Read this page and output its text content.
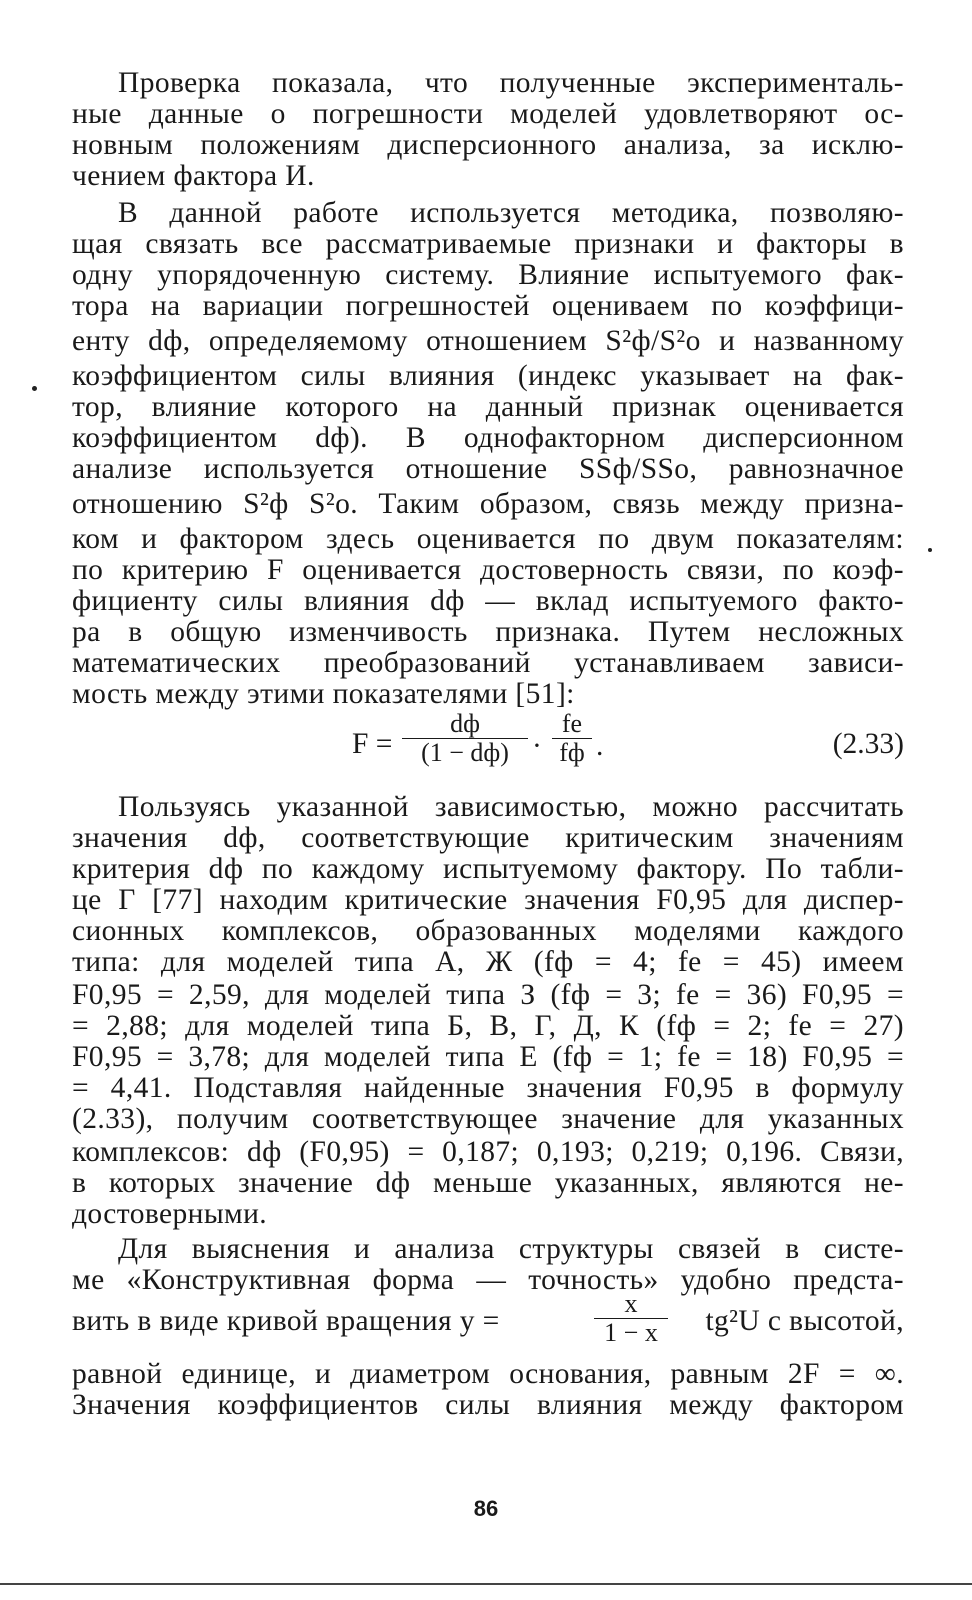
Проверка показала, что полученные эксперименталь-
ные данные о погрешности моделей удовлетворяют ос-
новным положениям дисперсионного анализа, за исклю-
чением фактора И.
В данной работе используется методика, позволяю-
щая связать все рассматриваемые признаки и факторы в
одну упорядоченную систему. Влияние испытуемого фак-
тора на вариации погрешностей оцениваем по коэффици-
енту dф, определяемому отношением S²ф/S²о и названному
коэффициентом силы влияния (индекс указывает на фак-
тор, влияние которого на данный признак оценивается
коэффициентом dф). В однофакторном дисперсионном
анализе используется отношение SSф/SSо, равнозначное
отношению S²ф S²о. Таким образом, связь между призна-
ком и фактором здесь оценивается по двум показателям:
по критерию F оценивается достоверность связи, по коэф-
фициенту силы влияния dф — вклад испытуемого факто-
ра в общую изменчивость признака. Путем несложных
математических преобразований устанавливаем зависи-
мость между этими показателями [51]:
F =
dф
(1 − dф) ·
fе
fф .	(2.33)
Пользуясь указанной зависимостью, можно рассчитать
значения dф, соответствующие критическим значениям
критерия dф по каждому испытуемому фактору. По табли-
це Г [77] находим критические значения F0,95 для диспер-
сионных комплексов, образованных моделями каждого
типа: для моделей типа А, Ж (fф = 4; fе = 45) имеем
F0,95 = 2,59, для моделей типа З (fф = 3; fе = 36) F0,95 =
= 2,88; для моделей типа Б, В, Г, Д, К (fф = 2; fе = 27)
F0,95 = 3,78; для моделей типа Е (fф = 1; fе = 18) F0,95 =
= 4,41. Подставляя найденные значения F0,95 в формулу
(2.33), получим соответствующее значение для указанных
комплексов: dф (F0,95) = 0,187; 0,193; 0,219; 0,196. Связи,
в которых значение dф меньше указанных, являются не-
достоверными.
Для выяснения и анализа структуры связей в систе-
ме «Конструктивная форма — точность» удобно предста-
вить в виде кривой вращения y =
x
1 − x	tg²U с высотой,
равной единице, и диаметром основания, равным 2F = ∞.
Значения коэффициентов силы влияния между фактором
86
